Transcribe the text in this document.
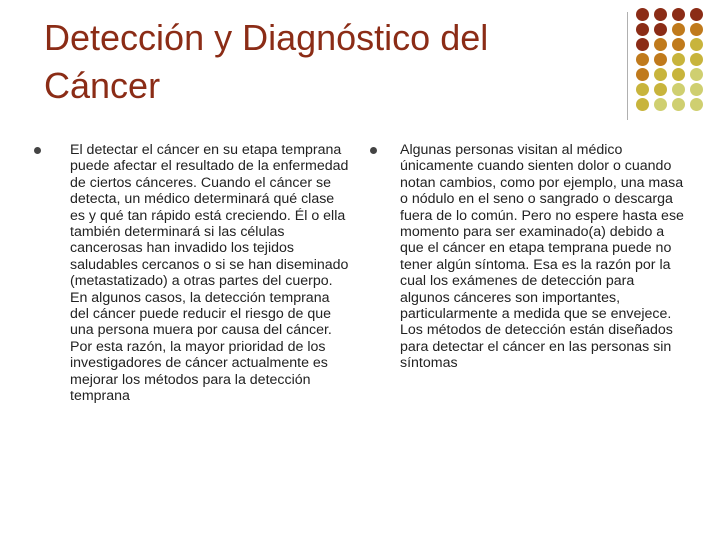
Detección y Diagnóstico del Cáncer

El detectar el cáncer en su etapa temprana puede afectar el resultado de la enfermedad de ciertos cánceres. Cuando el cáncer se detecta, un médico determinará qué clase es y qué tan rápido está creciendo. Él o ella también determinará si las células cancerosas han invadido los tejidos saludables cercanos o si se han diseminado (metastatizado) a otras partes del cuerpo. En algunos casos, la detección temprana del cáncer puede reducir el riesgo de que una persona muera por causa del cáncer. Por esta razón, la mayor prioridad de los investigadores de cáncer actualmente es mejorar los métodos para la detección temprana

Algunas personas visitan al médico únicamente cuando sienten dolor o cuando notan cambios, como por ejemplo, una masa o nódulo en el seno o sangrado o descarga fuera de lo común. Pero no espere hasta ese momento para ser examinado(a) debido a que el cáncer en etapa temprana puede no tener algún síntoma. Esa es la razón por la cual los exámenes de detección para algunos cánceres son importantes, particularmente a medida que se envejece. Los métodos de detección están diseñados para detectar el cáncer en las personas sin síntomas
